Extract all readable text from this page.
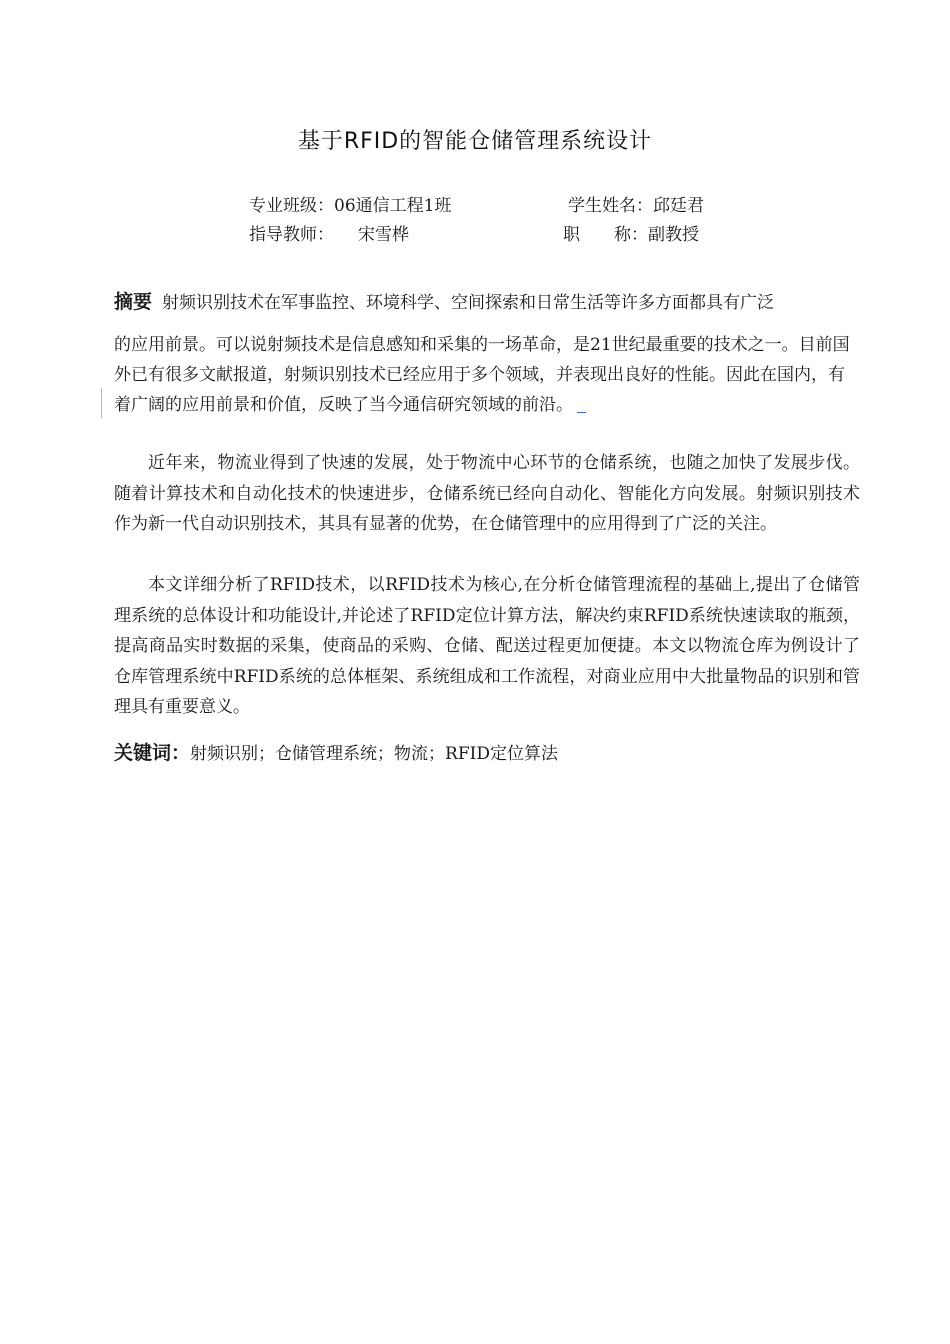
基于RFID的智能仓储管理系统设计
专业班级：06通信工程1班	学生姓名：邱廷君
指导教师： 宋雪桦	职　　称：副教授
摘要 射频识别技术在军事监控、环境科学、空间探索和日常生活等许多方面都具有广泛
的应用前景。可以说射频技术是信息感知和采集的一场革命，是21世纪最重要的技术之一。目前国外已有很多文献报道，射频识别技术已经应用于多个领域，并表现出良好的性能。因此在国内，有着广阔的应用前景和价值，反映了当今通信研究领域的前沿。
近年来，物流业得到了快速的发展，处于物流中心环节的仓储系统，也随之加快了发展步伐。随着计算技术和自动化技术的快速进步，仓储系统已经向自动化、智能化方向发展。射频识别技术作为新一代自动识别技术，其具有显著的优势，在仓储管理中的应用得到了广泛的关注。
本文详细分析了RFID技术，以RFID技术为核心,在分析仓储管理流程的基础上,提出了仓储管理系统的总体设计和功能设计,并论述了RFID定位计算方法，解决约束RFID系统快速读取的瓶颈，提高商品实时数据的采集，使商品的采购、仓储、配送过程更加便捷。本文以物流仓库为例设计了仓库管理系统中RFID系统的总体框架、系统组成和工作流程，对商业应用中大批量物品的识别和管理具有重要意义。
关键词：射频识别；仓储管理系统；物流；RFID定位算法
